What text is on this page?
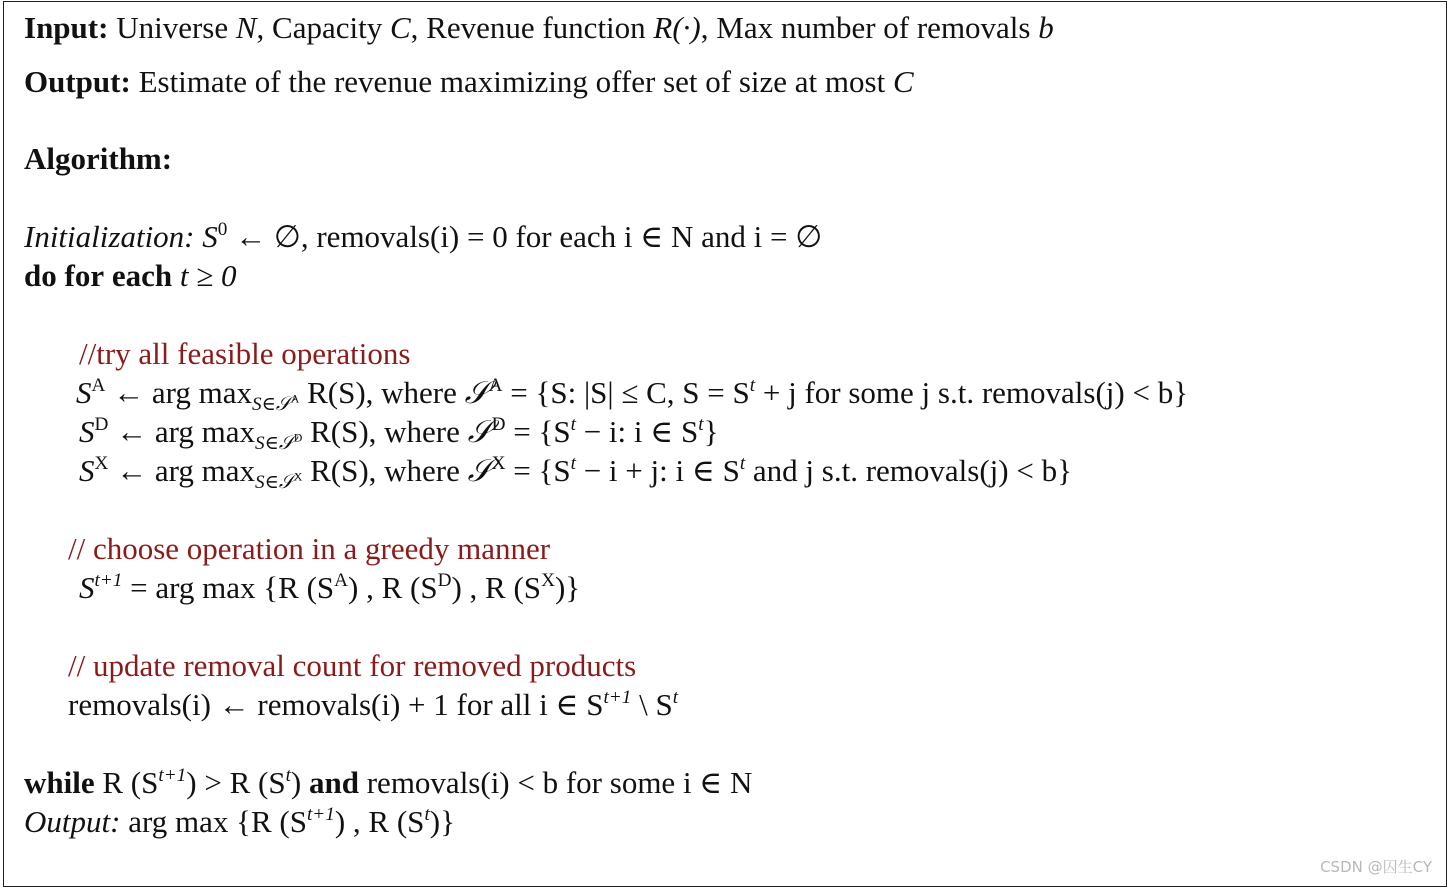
Input: Universe N, Capacity C, Revenue function R(·), Max number of removals b
Output: Estimate of the revenue maximizing offer set of size at most C
Algorithm:
Initialization: $S^0$ ← ∅, removals(i) = 0 for each i ∈ N and i = ∅
do for each t ≥ 0
//try all feasible operations
$S^A$ ← arg $\max_{S\in 𝒮^A} R(S)$, where 𝒮$^A$ = {S: |S| ≤ C, $S = S^t + j$ for some j s.t. removals(j) < b}
$S^D$ ← arg $\max_{S\in 𝒮^D} R(S)$, where 𝒮$^D$ = {$S^t - i$: i ∈ $S^t$}
$S^X$ ← arg $\max_{S\in 𝒮^X} R(S)$, where 𝒮$^X$ = {$S^t - i + j$: i ∈ $S^t$ and j s.t. removals(j) < b}
// choose operation in a greedy manner
$S^{t+1}$ = arg max {R $(S^A)$ , R $(S^D)$ , R $(S^X)$}
// update removal count for removed products
removals(i) ← removals(i) + 1 for all i ∈ $S^{t+1}$ \ $S^t$
while R $(S^{t+1}) > R$ $(S^t)$ and removals(i) < b for some i ∈ N
Output: arg max {R $(S^{t+1})$ , R $(S^t)$}
CSDN @囚生CY
